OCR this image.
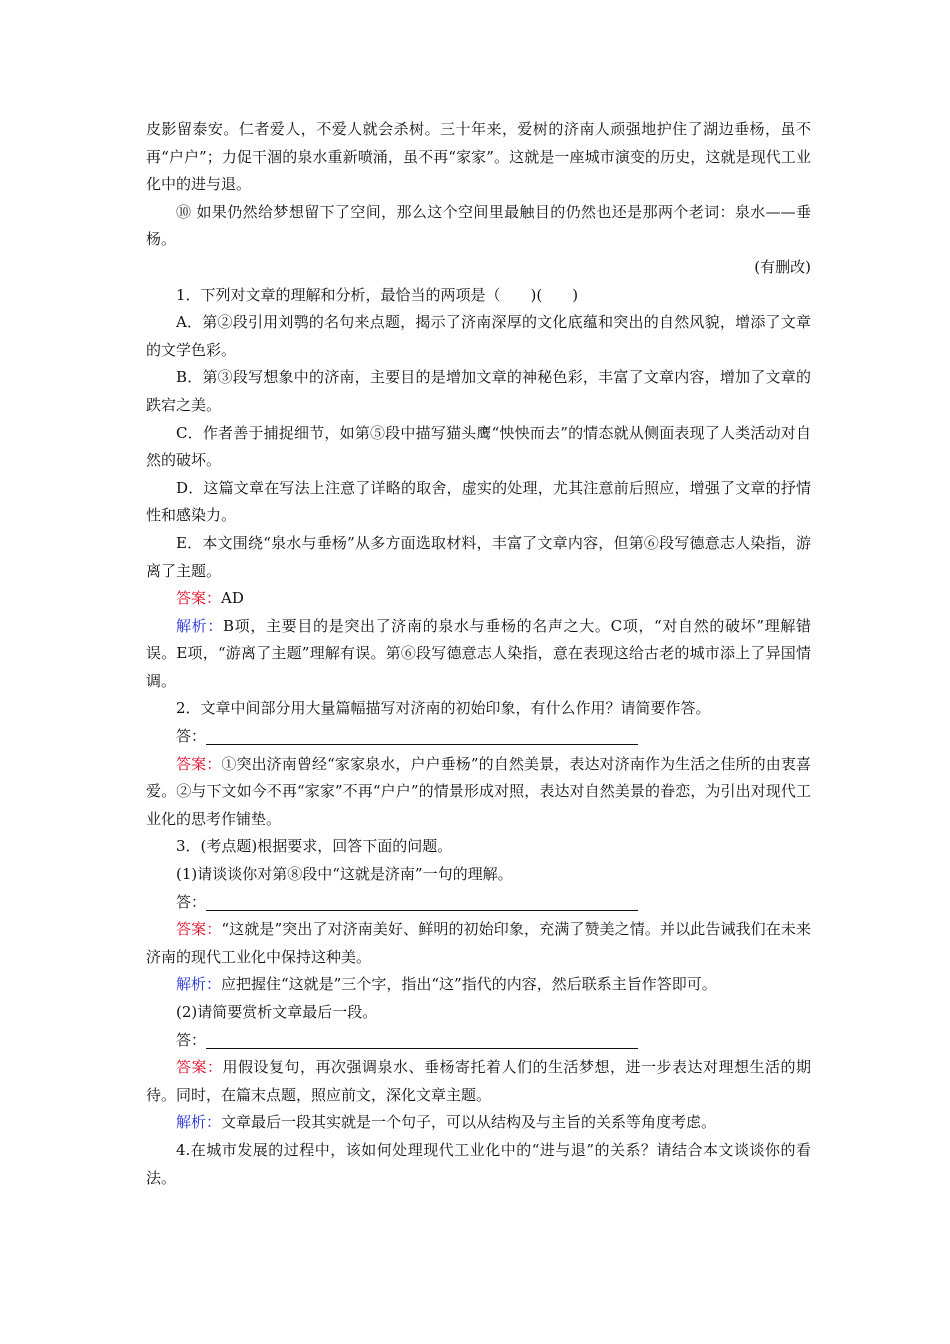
皮影留泰安。仁者爱人，不爱人就会杀树。三十年来，爱树的济南人顽强地护住了湖边垂杨，虽不再“户户”；力促干涸的泉水重新喷涌，虽不再“家家”。这就是一座城市演变的历史，这就是现代工业化中的进与退。

⑩ 如果仍然给梦想留下了空间，那么这个空间里最触目的仍然也还是那两个老词：泉水——垂杨。

(有删改)

1．下列对文章的理解和分析，最恰当的两项是（　　)(　　)

A．第②段引用刘鹗的名句来点题，揭示了济南深厚的文化底蕴和突出的自然风貌，增添了文章的文学色彩。

B．第③段写想象中的济南，主要目的是增加文章的神秘色彩，丰富了文章内容，增加了文章的跌宕之美。

C．作者善于捕捉细节，如第⑤段中描写猫头鹰“怏怏而去”的情态就从侧面表现了人类活动对自然的破坏。

D．这篇文章在写法上注意了详略的取舍，虚实的处理，尤其注意前后照应，增强了文章的抒情性和感染力。

E．本文围绕“泉水与垂杨”从多方面选取材料，丰富了文章内容，但第⑥段写德意志人染指，游离了主题。

答案：AD

解析：B项，主要目的是突出了济南的泉水与垂杨的名声之大。C项，“对自然的破坏”理解错误。E项，“游离了主题”理解有误。第⑥段写德意志人染指，意在表现这给古老的城市添上了异国情调。

2．文章中间部分用大量篇幅描写对济南的初始印象，有什么作用？请简要作答。

答：

答案：①突出济南曾经“家家泉水，户户垂杨”的自然美景，表达对济南作为生活之佳所的由衷喜爱。②与下文如今不再“家家”不再“户户”的情景形成对照，表达对自然美景的眷恋，为引出对现代工业化的思考作铺垫。

3．(考点题)根据要求，回答下面的问题。

(1)请谈谈你对第⑧段中“这就是济南”一句的理解。

答：

答案：“这就是”突出了对济南美好、鲜明的初始印象，充满了赞美之情。并以此告诫我们在未来济南的现代工业化中保持这种美。

解析：应把握住“这就是”三个字，指出“这”指代的内容，然后联系主旨作答即可。

(2)请简要赏析文章最后一段。

答：

答案：用假设复句，再次强调泉水、垂杨寄托着人们的生活梦想，进一步表达对理想生活的期待。同时，在篇末点题，照应前文，深化文章主题。

解析：文章最后一段其实就是一个句子，可以从结构及与主旨的关系等角度考虑。

4.在城市发展的过程中，该如何处理现代工业化中的“进与退”的关系？请结合本文谈谈你的看法。
